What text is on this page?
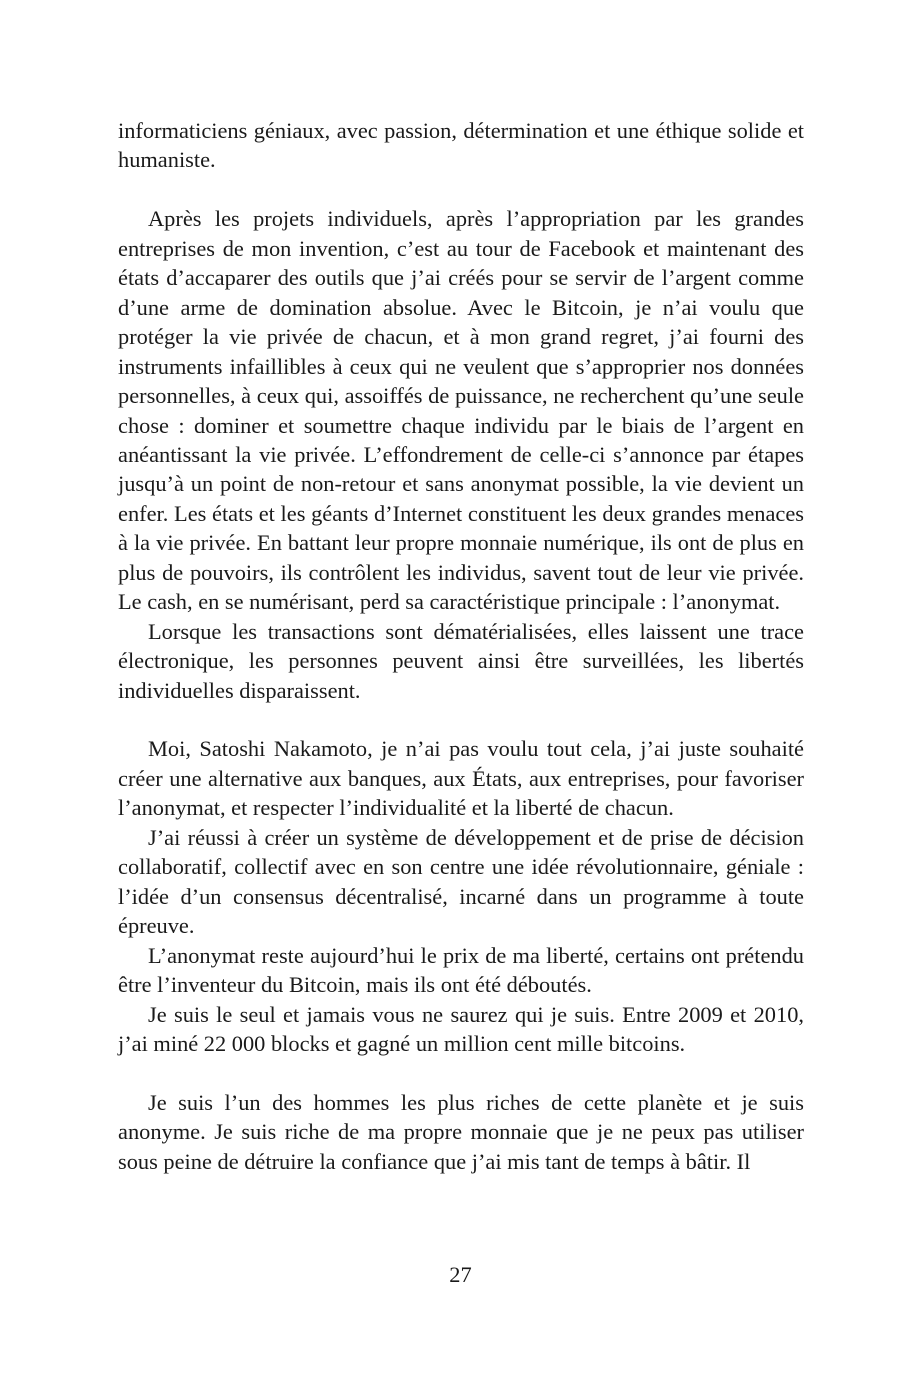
informaticiens géniaux, avec passion, détermination et une éthique solide et humaniste.

Après les projets individuels, après l’appropriation par les grandes entreprises de mon invention, c’est au tour de Facebook et maintenant des états d’accaparer des outils que j’ai créés pour se servir de l’argent comme d’une arme de domination absolue. Avec le Bitcoin, je n’ai voulu que protéger la vie privée de chacun, et à mon grand regret, j’ai fourni des instruments infaillibles à ceux qui ne veulent que s’approprier nos données personnelles, à ceux qui, assoiffés de puissance, ne recherchent qu’une seule chose : dominer et soumettre chaque individu par le biais de l’argent en anéantissant la vie privée. L’effondrement de celle-ci s’annonce par étapes jusqu’à un point de non-retour et sans anonymat possible, la vie devient un enfer. Les états et les géants d’Internet constituent les deux grandes menaces à la vie privée. En battant leur propre monnaie numérique, ils ont de plus en plus de pouvoirs, ils contrôlent les individus, savent tout de leur vie privée. Le cash, en se numérisant, perd sa caractéristique principale : l’anonymat.

Lorsque les transactions sont dématérialisées, elles laissent une trace électronique, les personnes peuvent ainsi être surveillées, les libertés individuelles disparaissent.

Moi, Satoshi Nakamoto, je n’ai pas voulu tout cela, j’ai juste souhaité créer une alternative aux banques, aux États, aux entreprises, pour favoriser l’anonymat, et respecter l’individualité et la liberté de chacun.

J’ai réussi à créer un système de développement et de prise de décision collaboratif, collectif avec en son centre une idée révolutionnaire, géniale : l’idée d’un consensus décentralisé, incarné dans un programme à toute épreuve.

L’anonymat reste aujourd’hui le prix de ma liberté, certains ont prétendu être l’inventeur du Bitcoin, mais ils ont été déboutés.

Je suis le seul et jamais vous ne saurez qui je suis. Entre 2009 et 2010, j’ai miné 22 000 blocks et gagné un million cent mille bitcoins.

Je suis l’un des hommes les plus riches de cette planète et je suis anonyme. Je suis riche de ma propre monnaie que je ne peux pas utiliser sous peine de détruire la confiance que j’ai mis tant de temps à bâtir. Il

27
